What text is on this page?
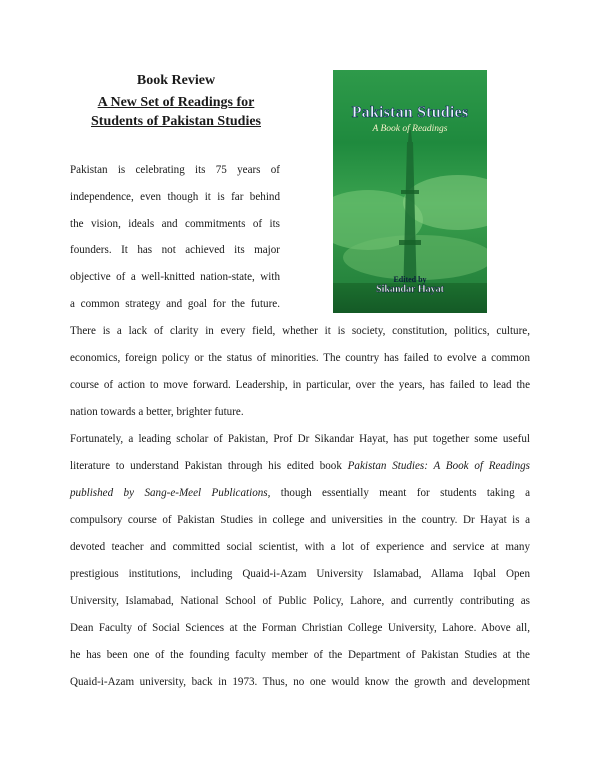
Book Review
A New Set of Readings for
Students of Pakistan Studies
Pakistan Studies
A Book of Readings
Edited by
Sikandar Hayat
Pakistan is celebrating its 75 years of
independence, even though it is far behind
the vision, ideals and commitments of its
founders. It has not achieved its major
objective of a well-knitted nation-state, with
a common strategy and goal for the future.
There is a lack of clarity in every field, whether it is society, constitution, politics, culture,
economics, foreign policy or the status of minorities. The country has failed to evolve a common
course of action to move forward. Leadership, in particular, over the years, has failed to lead the
nation towards a better, brighter future.
Fortunately, a leading scholar of Pakistan, Prof Dr Sikandar Hayat, has put together some useful
literature to understand Pakistan through his edited book Pakistan Studies: A Book of Readings
published by Sang-e-Meel Publications, though essentially meant for students taking a
compulsory course of Pakistan Studies in college and universities in the country. Dr Hayat is a
devoted teacher and committed social scientist, with a lot of experience and service at many
prestigious institutions, including Quaid-i-Azam University Islamabad, Allama Iqbal Open
University, Islamabad, National School of Public Policy, Lahore, and currently contributing as
Dean Faculty of Social Sciences at the Forman Christian College University, Lahore. Above all,
he has been one of the founding faculty member of the Department of Pakistan Studies at the
Quaid-i-Azam university, back in 1973. Thus, no one would know the growth and development
